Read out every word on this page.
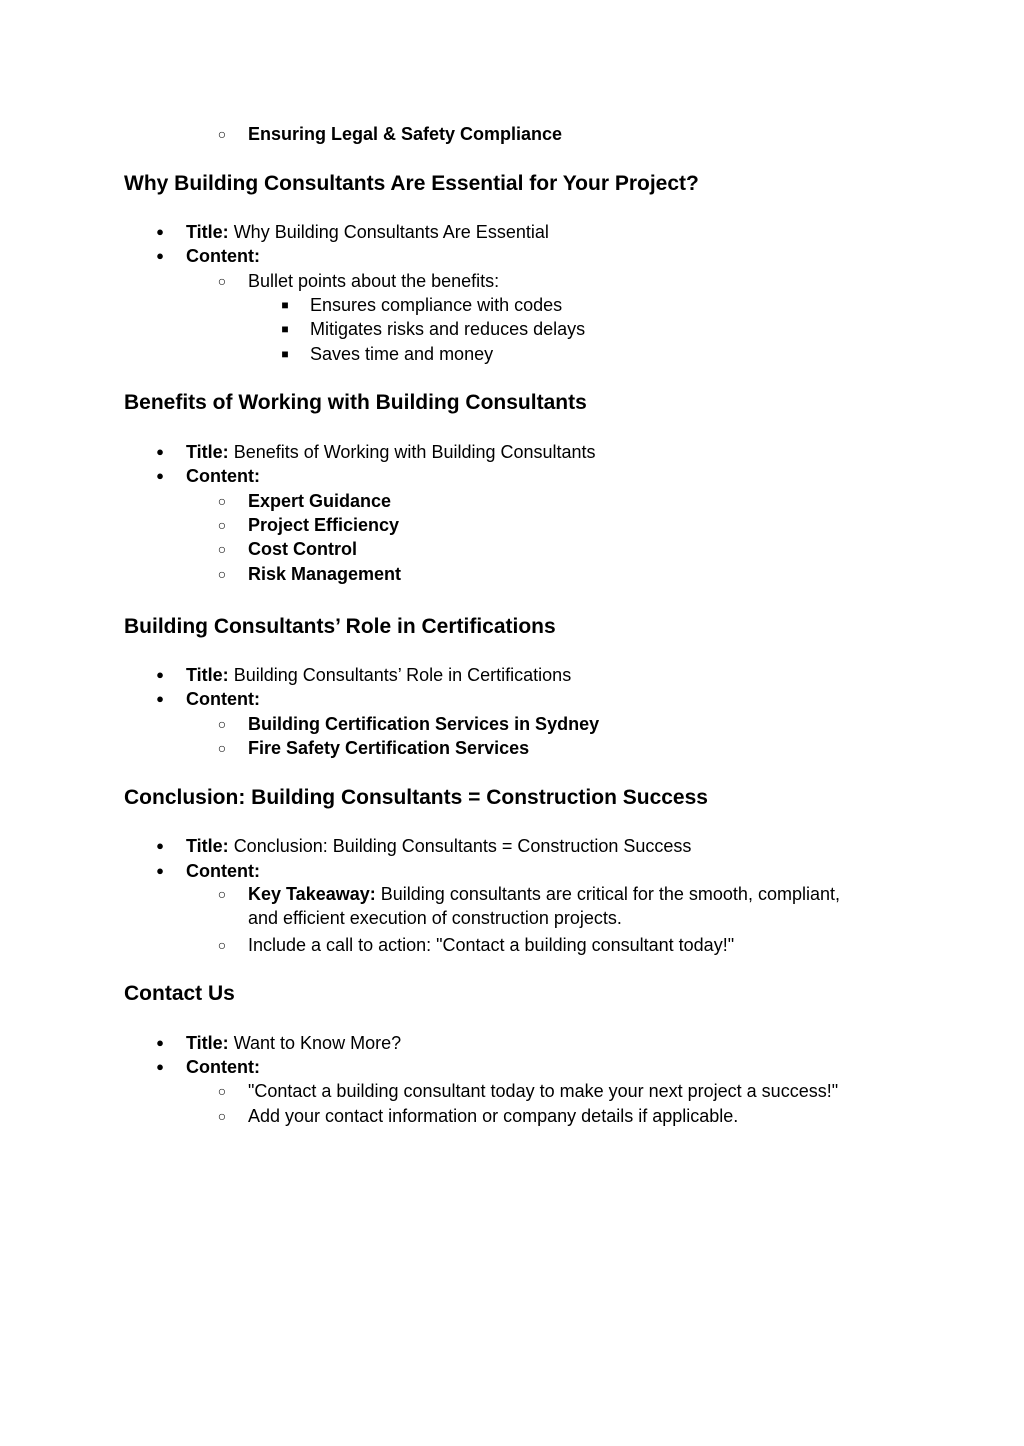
○	Ensuring Legal & Safety Compliance
Why Building Consultants Are Essential for Your Project?
●	Title: Why Building Consultants Are Essential
●	Content:
○	Bullet points about the benefits:
■	Ensures compliance with codes
■	Mitigates risks and reduces delays
■	Saves time and money
Benefits of Working with Building Consultants
●	Title: Benefits of Working with Building Consultants
●	Content:
○	Expert Guidance
○	Project Efficiency
○	Cost Control
○	Risk Management
Building Consultants’ Role in Certifications
●	Title: Building Consultants’ Role in Certifications
●	Content:
○	Building Certification Services in Sydney
○	Fire Safety Certification Services
Conclusion: Building Consultants = Construction Success
●	Title: Conclusion: Building Consultants = Construction Success
●	Content:
○	Key Takeaway: Building consultants are critical for the smooth, compliant,
and efficient execution of construction projects.
○	Include a call to action: "Contact a building consultant today!"
Contact Us
●	Title: Want to Know More?
●	Content:
○	"Contact a building consultant today to make your next project a success!"
○	Add your contact information or company details if applicable.
